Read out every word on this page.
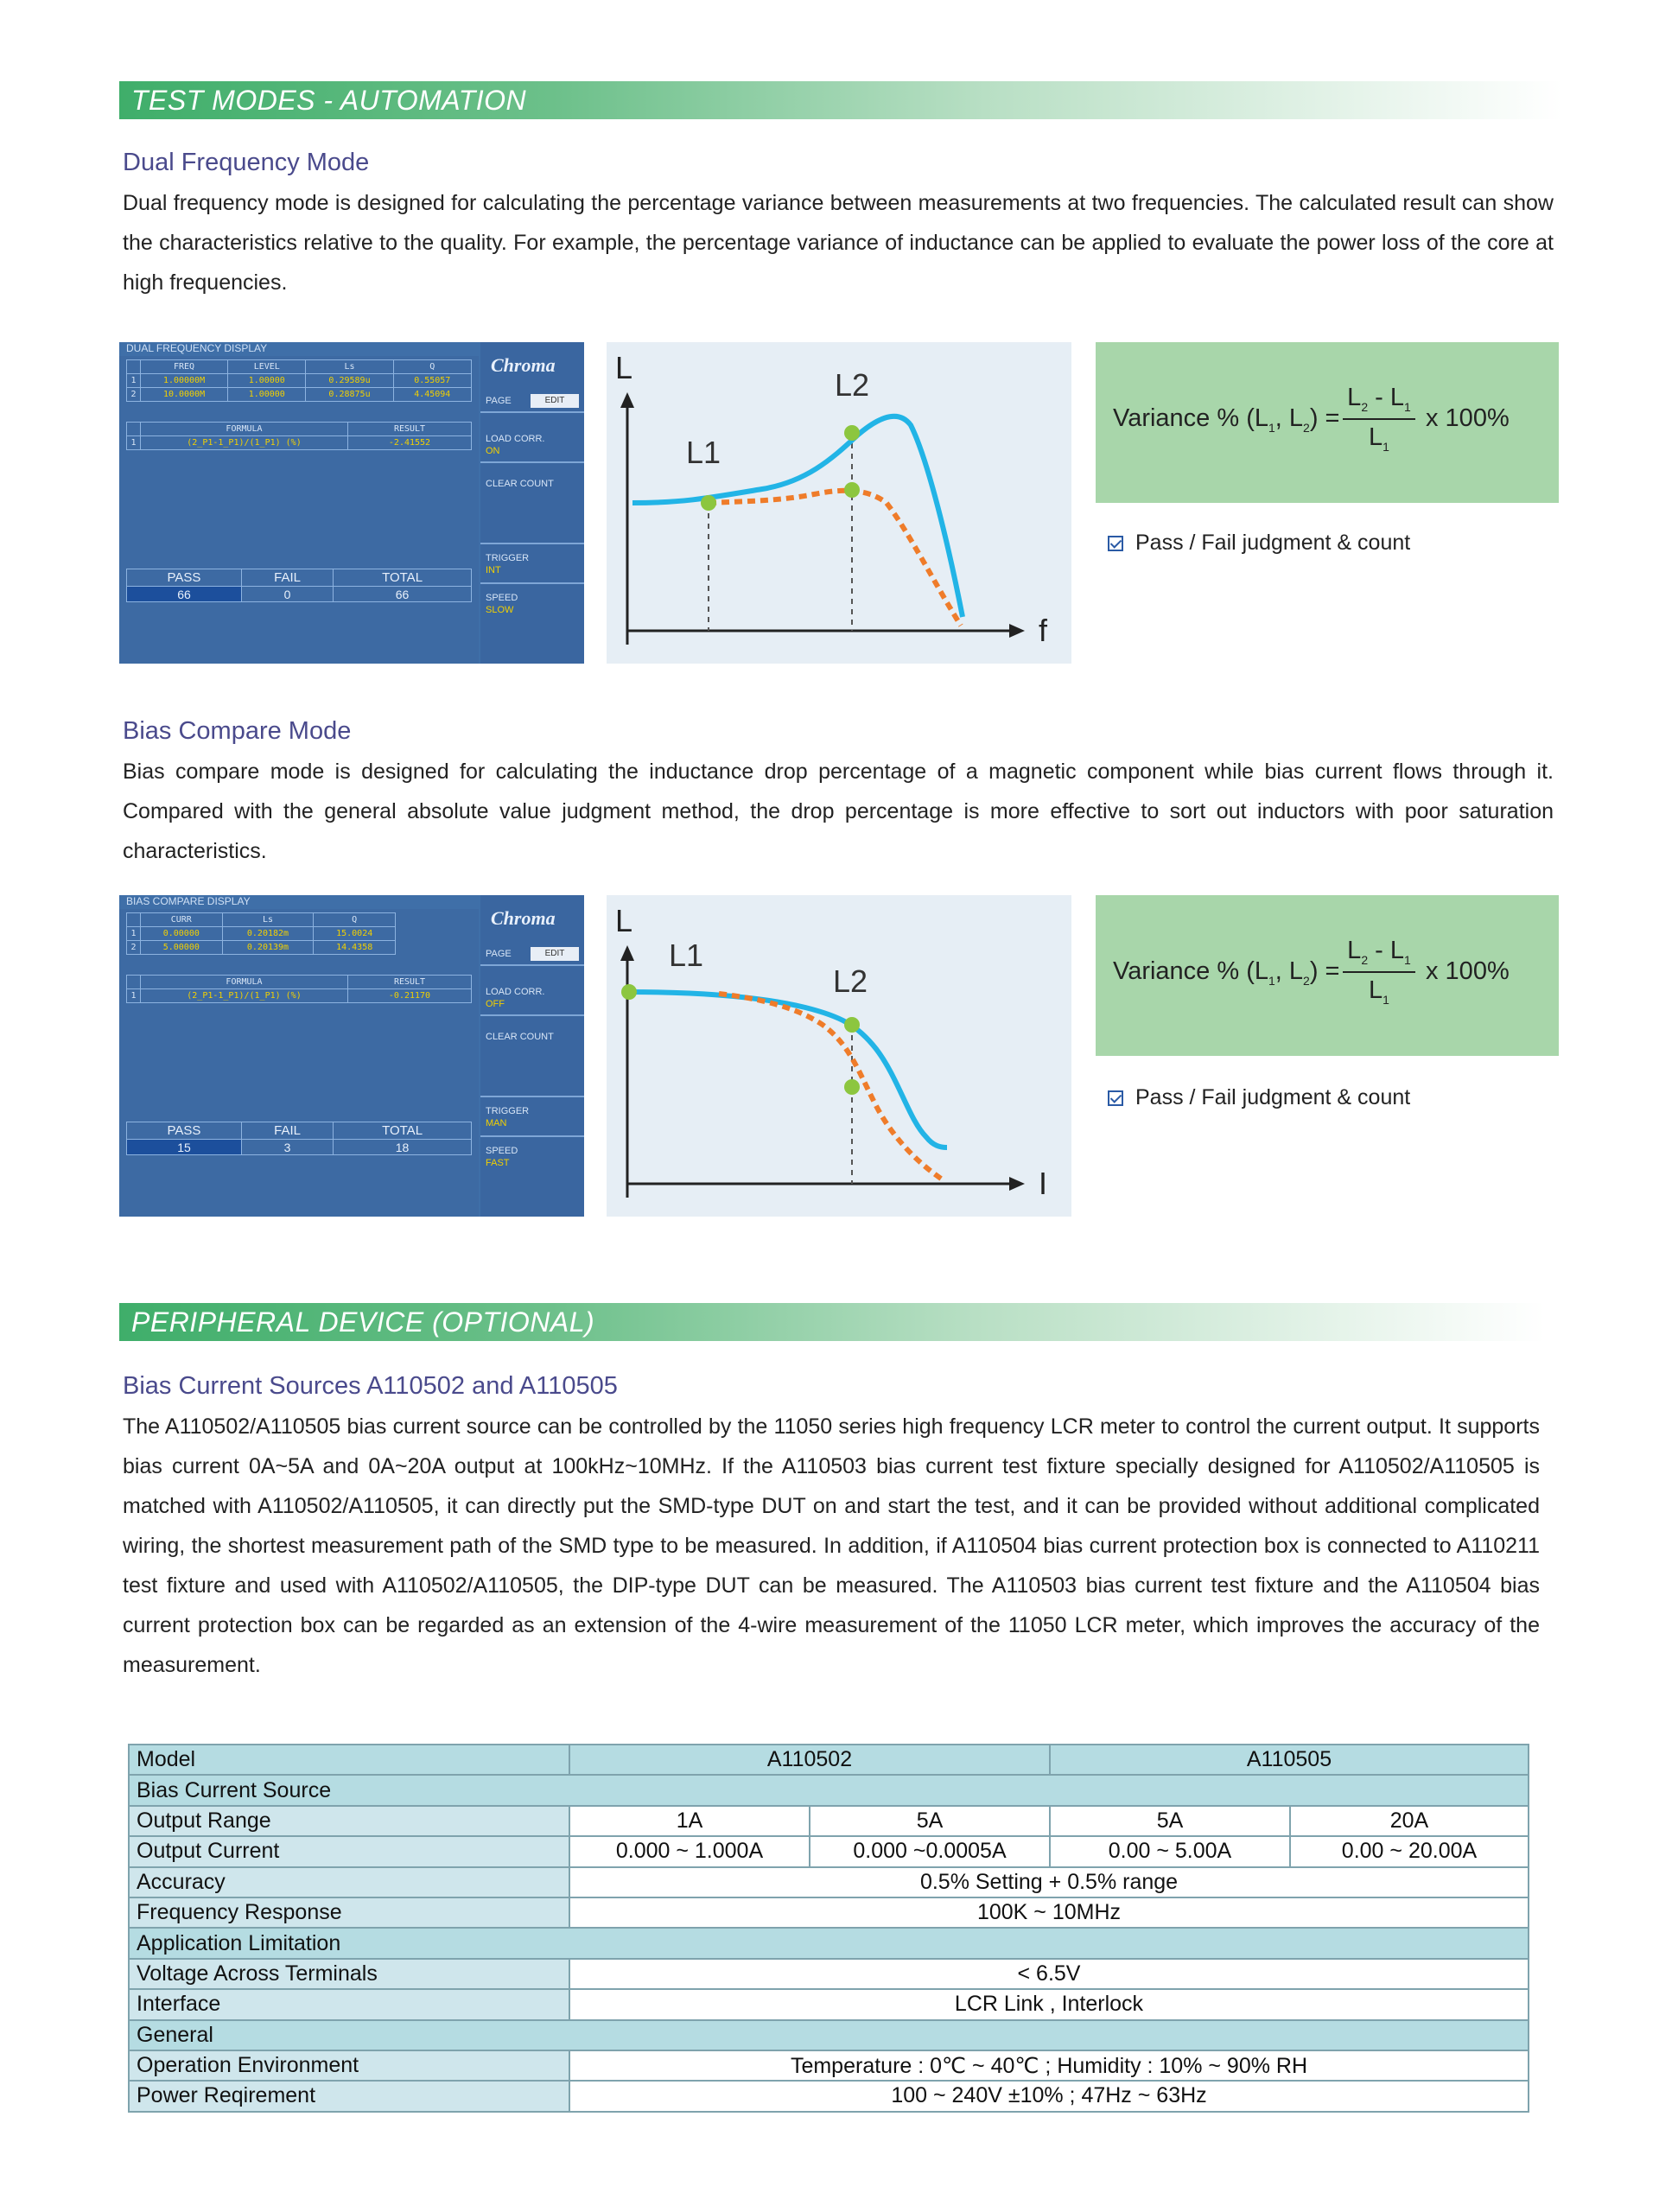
TEST MODES - AUTOMATION
Dual Frequency Mode
Dual frequency mode is designed for calculating the percentage variance between measurements at two frequencies. The calculated result can show the characteristics relative to the quality. For example, the percentage variance of inductance can be applied to evaluate the power loss of the core at high frequencies.
DUAL FREQUENCY DISPLAY
	FREQ	LEVEL	Ls	Q
1	1.00000M	1.00000	0.29589u	0.55057
2	10.0000M	1.00000	0.28875u	4.45094
	FORMULA	RESULT
1	(2_P1-1_P1)/(1_P1) (%)	-2.41552
PASS	FAIL	TOTAL
66	0	66
Chroma
PAGE	EDIT
LOAD CORR.
ON
CLEAR COUNT
TRIGGER
INT
SPEED
SLOW
L
f
L1
L2
Variance % ($L_1$, $L_2$) =
$L_2 - L_1$
$L_1$
x 100%
Pass / Fail judgment & count
Bias Compare Mode
Bias compare mode is designed for calculating the inductance drop percentage of a magnetic component while bias current flows through it. Compared with the general absolute value judgment method, the drop percentage is more effective to sort out inductors with poor saturation characteristics.
BIAS COMPARE DISPLAY
	CURR	Ls	Q
1	0.00000	0.20182m	15.0024
2	5.00000	0.20139m	14.4358
	FORMULA	RESULT
1	(2_P1-1_P1)/(1_P1) (%)	-0.21170
PASS	FAIL	TOTAL
15	3	18
Chroma
PAGE	EDIT
LOAD CORR.
OFF
CLEAR COUNT
TRIGGER
MAN
SPEED
FAST
L
I
L1
L2	Variance % ($L_1$, $L_2$) =
$L_2 - L_1$
$L_1$
x 100%
Pass / Fail judgment & count
PERIPHERAL DEVICE (OPTIONAL)
Bias Current Sources A110502 and A110505
The A110502/A110505 bias current source can be controlled by the 11050 series high frequency LCR meter to control the current output. It supports bias current 0A~5A and 0A~20A output at 100kHz~10MHz. If the A110503 bias current test fixture specially designed for A110502/A110505 is matched with A110502/A110505, it can directly put the SMD-type DUT on and start the test, and it can be provided without additional complicated wiring, the shortest measurement path of the SMD type to be measured. In addition, if A110504 bias current protection box is connected to A110211 test fixture and used with A110502/A110505, the DIP-type DUT can be measured. The A110503 bias current test fixture and the A110504 bias current protection box can be regarded as an extension of the 4-wire measurement of the 11050 LCR meter, which improves the accuracy of the measurement.
Model	A110502		A110505	
Bias Current Source				
Output Range	1A	5A	5A	20A
Output Current	0.000 ~ 1.000A	0.000 ~0.0005A	0.00 ~ 5.00A	0.00 ~ 20.00A
Accuracy	0.5% Setting + 0.5% range			
Frequency Response	100K ~ 10MHz			
Application Limitation				
Voltage Across Terminals	< 6.5V			
Interface	LCR Link , Interlock			
General				
Operation Environment	Temperature : 0℃ ~ 40℃ ; Humidity : 10% ~ 90% RH			
Power Reqirement	100 ~ 240V ±10% ; 47Hz ~ 63Hz			
